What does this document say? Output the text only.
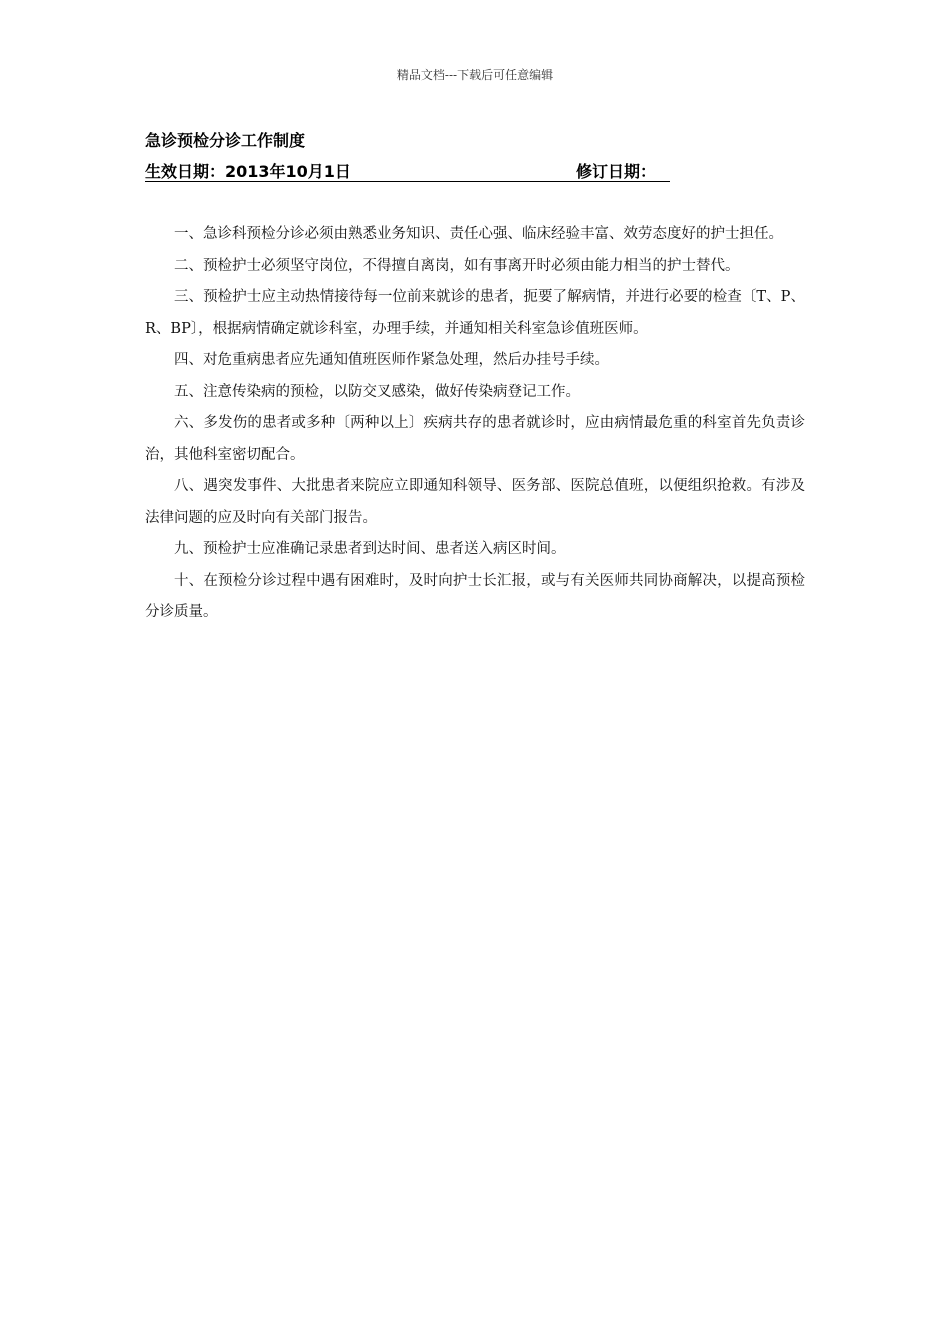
精品文档---下载后可任意编辑
急诊预检分诊工作制度
生效日期：2013年10月1日	修订日期：

一、急诊科预检分诊必须由熟悉业务知识、责任心强、临床经验丰富、效劳态度好的护士担任。

二、预检护士必须坚守岗位，不得擅自离岗，如有事离开时必须由能力相当的护士替代。

三、预检护士应主动热情接待每一位前来就诊的患者，扼要了解病情，并进行必要的检查〔T、P、R、BP〕，根据病情确定就诊科室，办理手续，并通知相关科室急诊值班医师。

四、对危重病患者应先通知值班医师作紧急处理，然后办挂号手续。

五、注意传染病的预检，以防交叉感染，做好传染病登记工作。

六、多发伤的患者或多种〔两种以上〕疾病共存的患者就诊时，应由病情最危重的科室首先负责诊治，其他科室密切配合。

八、遇突发事件、大批患者来院应立即通知科领导、医务部、医院总值班，以便组织抢救。有涉及法律问题的应及时向有关部门报告。

九、预检护士应准确记录患者到达时间、患者送入病区时间。

十、在预检分诊过程中遇有困难时，及时向护士长汇报，或与有关医师共同协商解决，以提高预检分诊质量。
